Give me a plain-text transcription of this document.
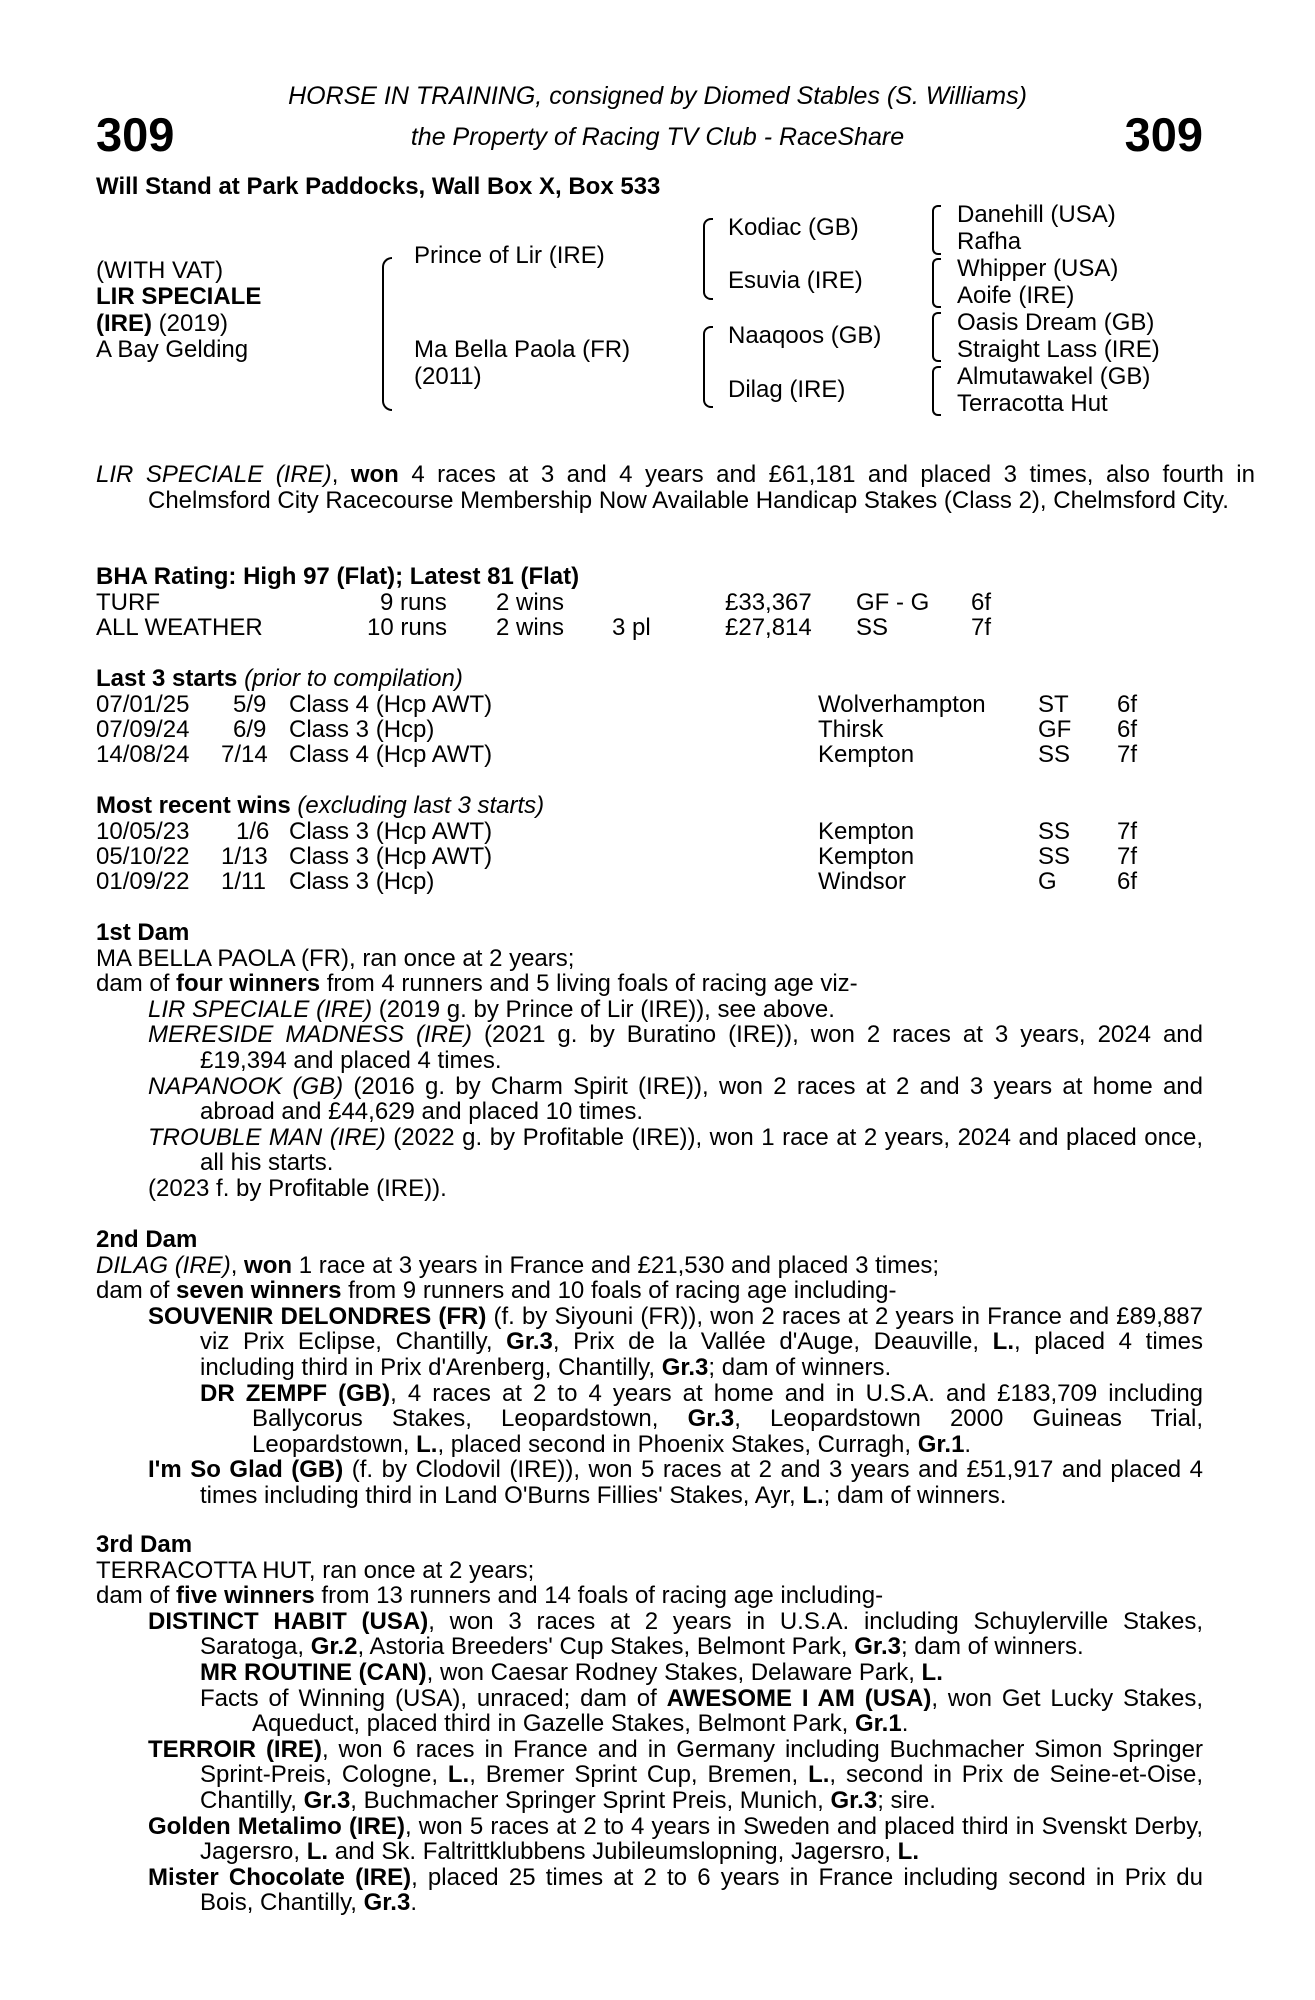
309	309
HORSE IN TRAINING, consigned by Diomed Stables (S. Williams)
the Property of Racing TV Club - RaceShare
Will Stand at Park Paddocks, Wall Box X, Box 533
(WITH VAT)
LIR SPECIALE
(IRE) (2019)
A Bay Gelding
Prince of Lir (IRE)
Ma Bella Paola (FR)
(2011)
Kodiac (GB)
Esuvia (IRE)
Naaqoos (GB)
Dilag (IRE)
Danehill (USA)
Rafha
Whipper (USA)
Aoife (IRE)
Oasis Dream (GB)
Straight Lass (IRE)
Almutawakel (GB)
Terracotta Hut
LIR SPECIALE (IRE), won 4 races at 3 and 4 years and £61,181 and placed 3 times, also fourth in Chelmsford City Racecourse Membership Now Available Handicap Stakes (Class 2), Chelmsford City.
BHA Rating: High 97 (Flat); Latest 81 (Flat)
TURF	9 runs 2 wins	£33,367 GF - G 6f
ALL WEATHER	10 runs 2 wins 3 pl	£27,814 SS	7f
Last 3 starts (prior to compilation)
07/01/25 5/9 Class 4 (Hcp AWT)	Wolverhampton ST 6f
07/09/24 6/9 Class 3 (Hcp)	Thirsk	GF 6f
14/08/24 7/14 Class 4 (Hcp AWT)	Kempton	SS 7f
Most recent wins (excluding last 3 starts)
10/05/23 1/6 Class 3 (Hcp AWT)	Kempton	SS 7f
05/10/22 1/13 Class 3 (Hcp AWT)	Kempton	SS 7f
01/09/22 1/11 Class 3 (Hcp)	Windsor	G	6f

1st Dam

MA BELLA PAOLA (FR), ran once at 2 years;

dam of four winners from 4 runners and 5 living foals of racing age viz-

LIR SPECIALE (IRE) (2019 g. by Prince of Lir (IRE)), see above.

MERESIDE MADNESS (IRE) (2021 g. by Buratino (IRE)), won 2 races at 3 years, 2024 and £19,394 and placed 4 times.

NAPANOOK (GB) (2016 g. by Charm Spirit (IRE)), won 2 races at 2 and 3 years at home and abroad and £44,629 and placed 10 times.

TROUBLE MAN (IRE) (2022 g. by Profitable (IRE)), won 1 race at 2 years, 2024 and placed once, all his starts.

(2023 f. by Profitable (IRE)).

2nd Dam

DILAG (IRE), won 1 race at 3 years in France and £21,530 and placed 3 times;

dam of seven winners from 9 runners and 10 foals of racing age including-

SOUVENIR DELONDRES (FR) (f. by Siyouni (FR)), won 2 races at 2 years in France and £89,887 viz Prix Eclipse, Chantilly, Gr.3, Prix de la Vallée d'Auge, Deauville, L., placed 4 times including third in Prix d'Arenberg, Chantilly, Gr.3; dam of winners.

DR ZEMPF (GB), 4 races at 2 to 4 years at home and in U.S.A. and £183,709 including Ballycorus Stakes, Leopardstown, Gr.3, Leopardstown 2000 Guineas Trial, Leopardstown, L., placed second in Phoenix Stakes, Curragh, Gr.1.

I'm So Glad (GB) (f. by Clodovil (IRE)), won 5 races at 2 and 3 years and £51,917 and placed 4 times including third in Land O'Burns Fillies' Stakes, Ayr, L.; dam of winners.

3rd Dam

TERRACOTTA HUT, ran once at 2 years;

dam of five winners from 13 runners and 14 foals of racing age including-

DISTINCT HABIT (USA), won 3 races at 2 years in U.S.A. including Schuylerville Stakes, Saratoga, Gr.2, Astoria Breeders' Cup Stakes, Belmont Park, Gr.3; dam of winners.

MR ROUTINE (CAN), won Caesar Rodney Stakes, Delaware Park, L.

Facts of Winning (USA), unraced; dam of AWESOME I AM (USA), won Get Lucky Stakes, Aqueduct, placed third in Gazelle Stakes, Belmont Park, Gr.1.

TERROIR (IRE), won 6 races in France and in Germany including Buchmacher Simon Springer Sprint-Preis, Cologne, L., Bremer Sprint Cup, Bremen, L., second in Prix de Seine-et-Oise, Chantilly, Gr.3, Buchmacher Springer Sprint Preis, Munich, Gr.3; sire.

Golden Metalimo (IRE), won 5 races at 2 to 4 years in Sweden and placed third in Svenskt Derby, Jagersro, L. and Sk. Faltrittklubbens Jubileumslopning, Jagersro, L.

Mister Chocolate (IRE), placed 25 times at 2 to 6 years in France including second in Prix du Bois, Chantilly, Gr.3.
